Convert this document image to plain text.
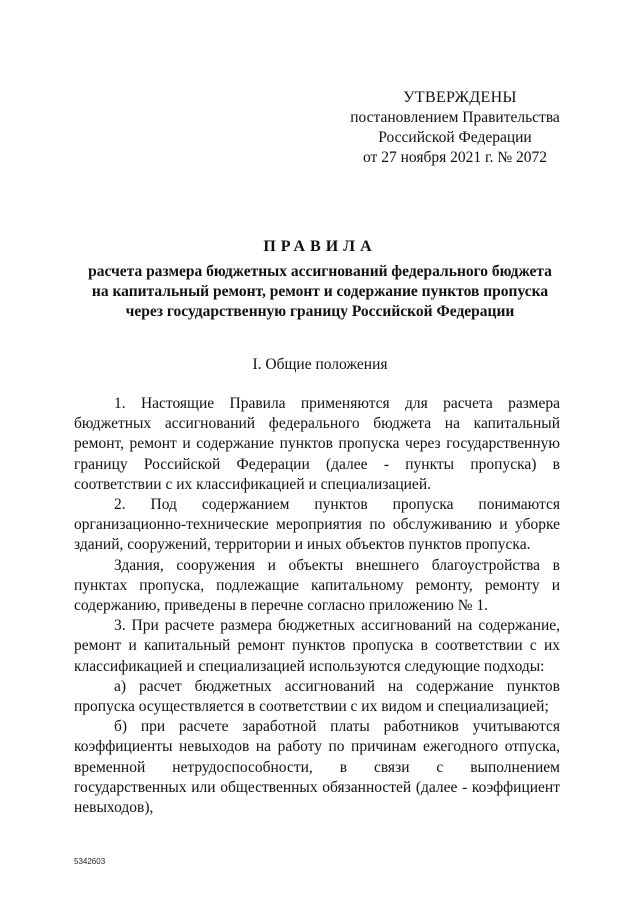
УТВЕРЖДЕНЫ
постановлением Правительства
Российской Федерации
от 27 ноября 2021 г. № 2072
ПРАВИЛА
расчета размера бюджетных ассигнований федерального бюджета
на капитальный ремонт, ремонт и содержание пунктов пропуска
через государственную границу Российской Федерации
I. Общие положения

1. Настоящие Правила применяются для расчета размера бюджетных ассигнований федерального бюджета на капитальный ремонт, ремонт и содержание пунктов пропуска через государственную границу Российской Федерации (далее - пункты пропуска) в соответствии с их классификацией и специализацией.

2. Под содержанием пунктов пропуска понимаются организационно-технические мероприятия по обслуживанию и уборке зданий, сооружений, территории и иных объектов пунктов пропуска.

Здания, сооружения и объекты внешнего благоустройства в пунктах пропуска, подлежащие капитальному ремонту, ремонту и содержанию, приведены в перечне согласно приложению № 1.

3. При расчете размера бюджетных ассигнований на содержание, ремонт и капитальный ремонт пунктов пропуска в соответствии с их классификацией и специализацией используются следующие подходы:

а) расчет бюджетных ассигнований на содержание пунктов пропуска осуществляется в соответствии с их видом и специализацией;

б) при расчете заработной платы работников учитываются коэффициенты невыходов на работу по причинам ежегодного отпуска, временной нетрудоспособности, в связи с выполнением государственных или общественных обязанностей (далее - коэффициент невыходов),

5342603
